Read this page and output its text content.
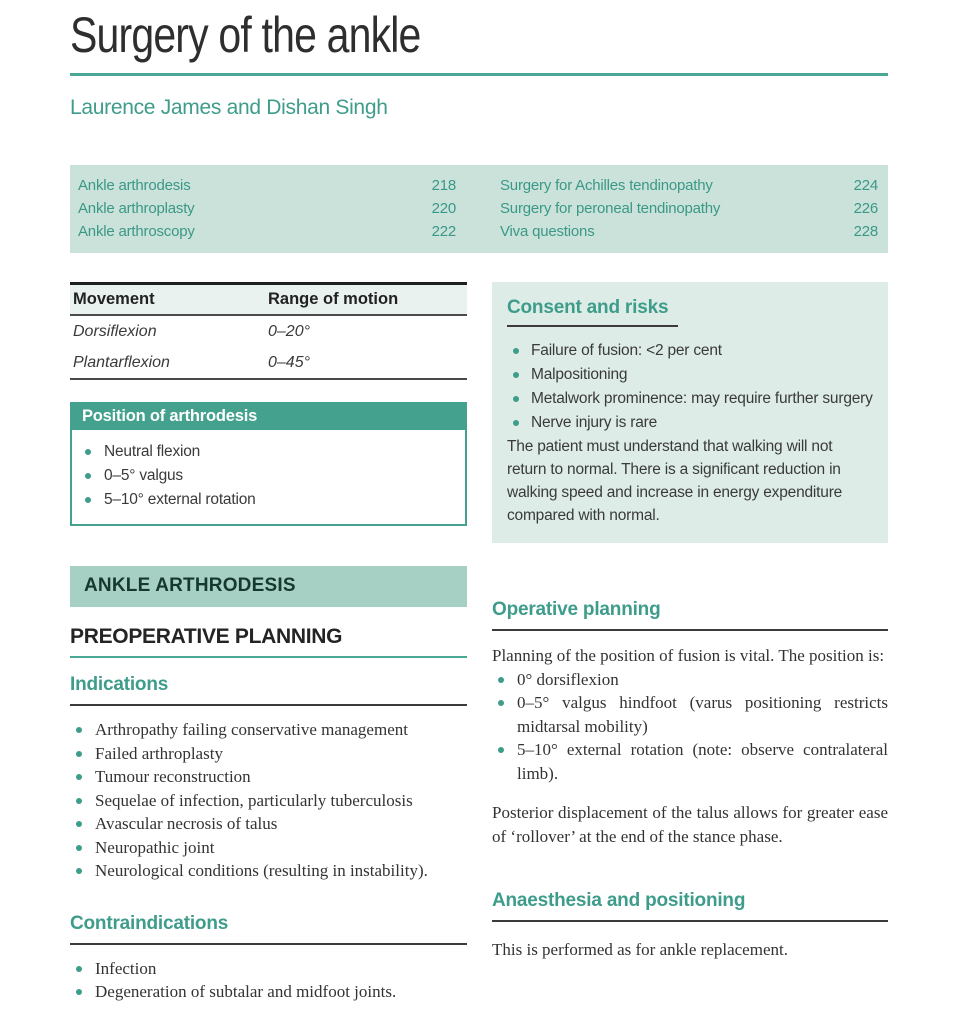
Surgery of the ankle
Laurence James and Dishan Singh
Ankle arthrodesis	218
Ankle arthroplasty	220
Ankle arthroscopy	222
Surgery for Achilles tendinopathy	224
Surgery for peroneal tendinopathy	226
Viva questions	228
Movement	Range of motion
Dorsiflexion	0–20°
Plantarflexion	0–45°
Position of arthrodesis
Neutral flexion
0–5° valgus
5–10° external rotation
ANKLE ARTHRODESIS
PREOPERATIVE PLANNING
Indications
Arthropathy failing conservative management
Failed arthroplasty
Tumour reconstruction
Sequelae of infection, particularly tuberculosis
Avascular necrosis of talus
Neuropathic joint
Neurological conditions (resulting in instability).
Contraindications
Infection
Degeneration of subtalar and midfoot joints.
Consent and risks
Failure of fusion: <2 per cent
Malpositioning
Metalwork prominence: may require further surgery
Nerve injury is rare
The patient must understand that walking will not return to normal. There is a significant reduction in walking speed and increase in energy expenditure compared with normal.
Operative planning

Planning of the position of fusion is vital. The position is:

0° dorsiflexion
0–5° valgus hindfoot (varus positioning restricts midtarsal mobility)
5–10° external rotation (note: observe contralateral limb).

Posterior displacement of the talus allows for greater ease of ‘rollover’ at the end of the stance phase.

Anaesthesia and positioning

This is performed as for ankle replacement.
